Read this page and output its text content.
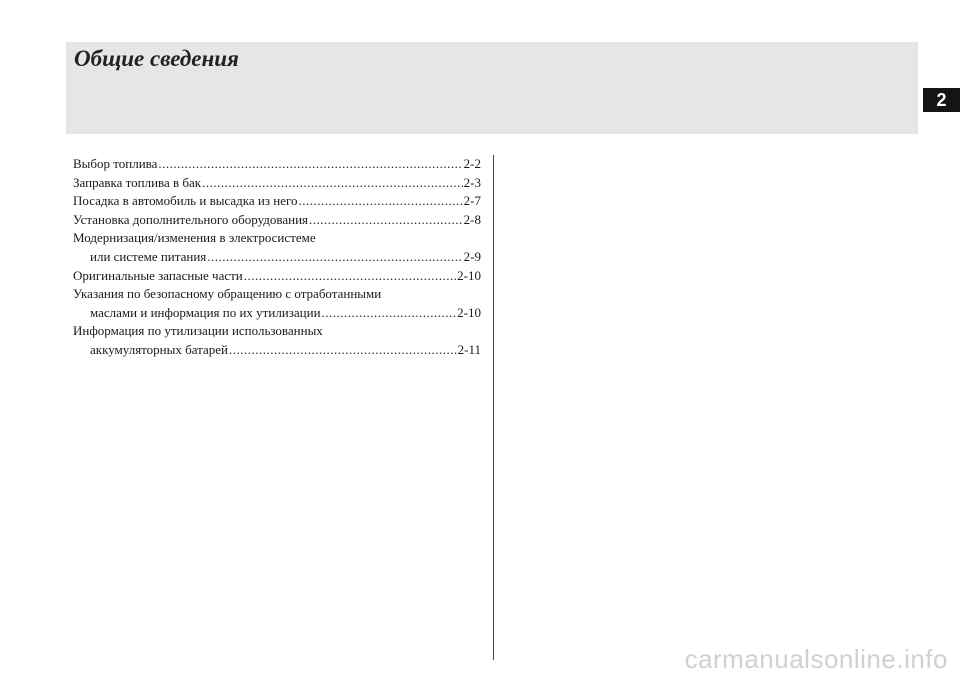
Общие сведения
2
Выбор топлива .....	2-2
Заправка топлива в бак .....	2-3
Посадка в автомобиль и высадка из него .....	2-7
Установка дополнительного оборудования .....	2-8
Модернизация/изменения в электросистеме
или системе питания .....	2-9
Оригинальные запасные части .....	2-10
Указания по безопасному обращению с отработанными
маслами и информация по их утилизации .....	2-10
Информация по утилизации использованных
аккумуляторных батарей .....	2-11
carmanualsonline.info
